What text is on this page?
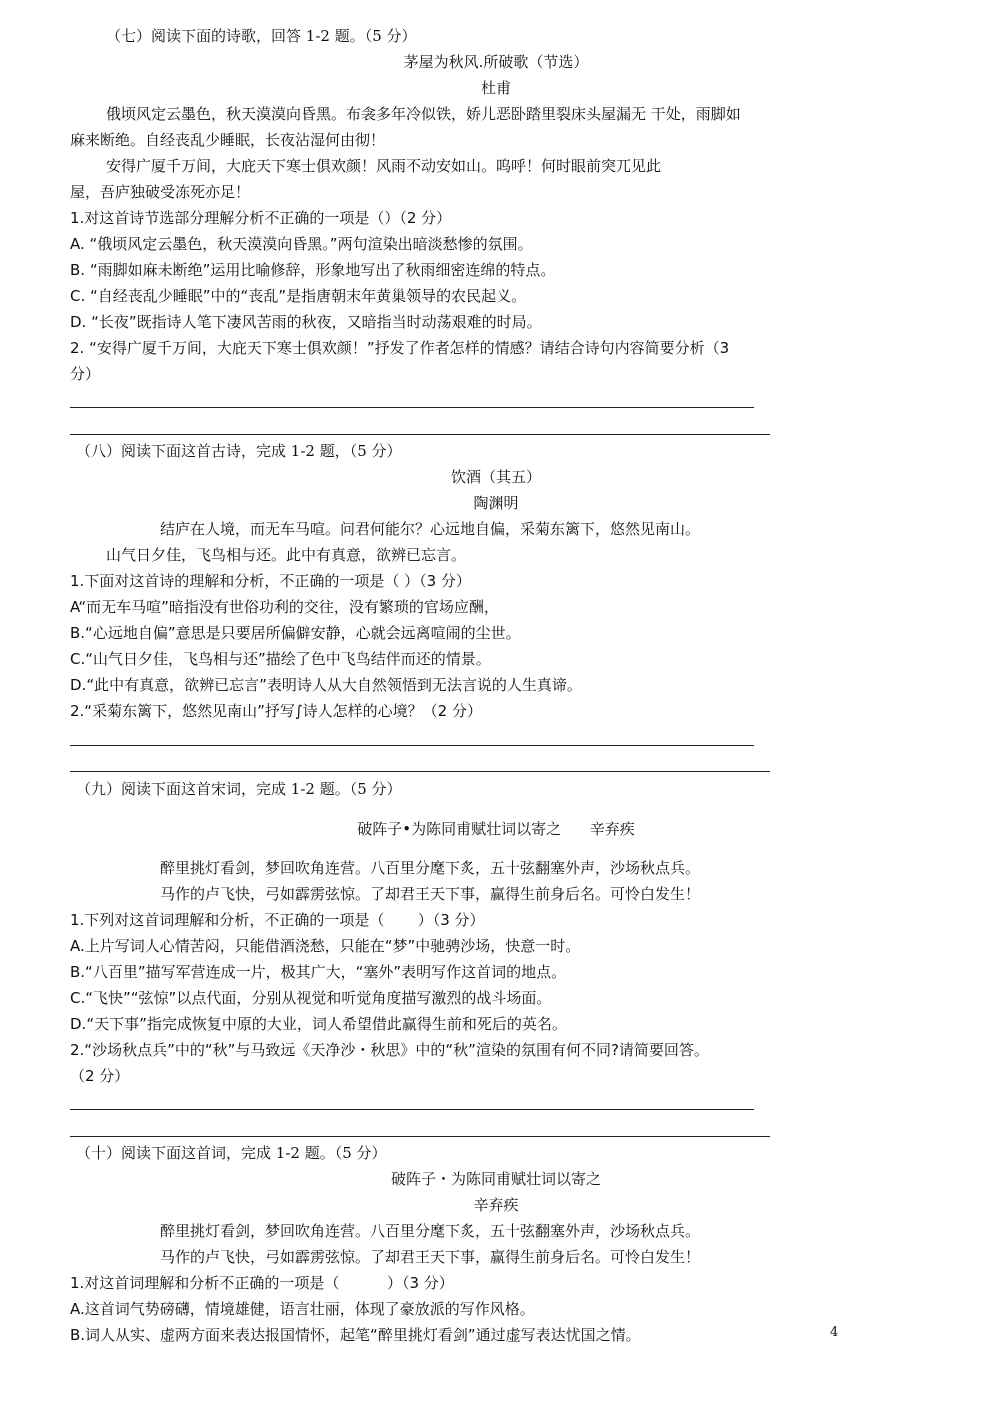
（七）阅读下面的诗歌，回答 1-2 题。（5 分）
茅屋为秋风.所破歌（节选）
杜甫
俄顷风定云墨色，秋天漠漠向昏黑。布衾多年冷似铁，娇儿恶卧踏里裂床头屋漏无 干处，雨脚如
麻来断绝。自经丧乱少睡眠，长夜沾湿何由彻！
安得广厦千万间，大庇天下寒士俱欢颜！风雨不动安如山。呜呼！何时眼前突兀见此
屋，吾庐独破受冻死亦足！
1.对这首诗节选部分理解分析不正确的一项是（）（2 分）
A. “俄顷风定云墨色，秋天漠漠向昏黑。”两句渲染出暗淡愁惨的氛围。
B. “雨脚如麻未断绝”运用比喻修辞，形象地写出了秋雨细密连绵的特点。
C. “自经丧乱少睡眠”中的“丧乱”是指唐朝末年黄巢领导的农民起义。
D. “长夜”既指诗人笔下凄风苦雨的秋夜，又暗指当时动荡艰难的时局。
2. “安得广厦千万间，大庇天下寒士俱欢颜！”抒发了作者怎样的情感？请结合诗句内容简要分析（3
分）
（八）阅读下面这首古诗，完成 1-2 题，（5 分）
饮酒（其五）
陶渊明
结庐在人境，而无车马喧。问君何能尔？心远地自偏，采菊东篱下，悠然见南山。
山气日夕佳，飞鸟相与还。此中有真意，欲辨已忘言。
1.下面对这首诗的理解和分析，不正确的一项是（ ）（3 分）
A“而无车马喧”暗指没有世俗功利的交往，没有繁琐的官场应酬，
B.“心远地自偏”意思是只要居所偏僻安静，心就会远离喧闹的尘世。
C.“山气日夕佳，飞鸟相与还”描绘了色中飞鸟结伴而还的情景。
D.“此中有真意，欲辨已忘言”表明诗人从大自然领悟到无法言说的人生真谛。
2.“采菊东篱下，悠然见南山”抒写∫诗人怎样的心境？（2 分）
（九）阅读下面这首宋词，完成 1-2 题。（5 分）
破阵子•为陈同甫赋壮词以寄之      辛弃疾
醉里挑灯看剑，梦回吹角连营。八百里分麾下炙，五十弦翻塞外声，沙场秋点兵。
马作的卢飞快，弓如霹雳弦惊。了却君王天下事，赢得生前身后名。可怜白发生！
1.下列对这首词理解和分析，不正确的一项是（       ）（3 分）
A.上片写词人心情苦闷，只能借酒浇愁，只能在“梦”中驰骋沙场，快意一时。
B.“八百里”描写军营连成一片，极其广大，“塞外”表明写作这首词的地点。
C.“飞快”“弦惊”以点代面，分别从视觉和听觉角度描写激烈的战斗场面。
D.“天下事”指完成恢复中原的大业，词人希望借此赢得生前和死后的英名。
2.“沙场秋点兵”中的“秋”与马致远《天净沙・秋思》中的“秋”渲染的氛围有何不同?请简要回答。
（2 分）
（十）阅读下面这首词，完成 1-2 题。（5 分）
破阵子・为陈同甫赋壮词以寄之
辛弃疾
醉里挑灯看剑，梦回吹角连营。八百里分麾下炙，五十弦翻塞外声，沙场秋点兵。
马作的卢飞快，弓如霹雳弦惊。了却君王天下事，赢得生前身后名。可怜白发生！
1.对这首词理解和分析不正确的一项是（          ）（3 分）
A.这首词气势磅礴，情境雄健，语言壮丽，体现了豪放派的写作风格。
B.词人从实、虚两方面来表达报国情怀，起笔“醉里挑灯看剑”通过虚写表达忧国之情。	4
